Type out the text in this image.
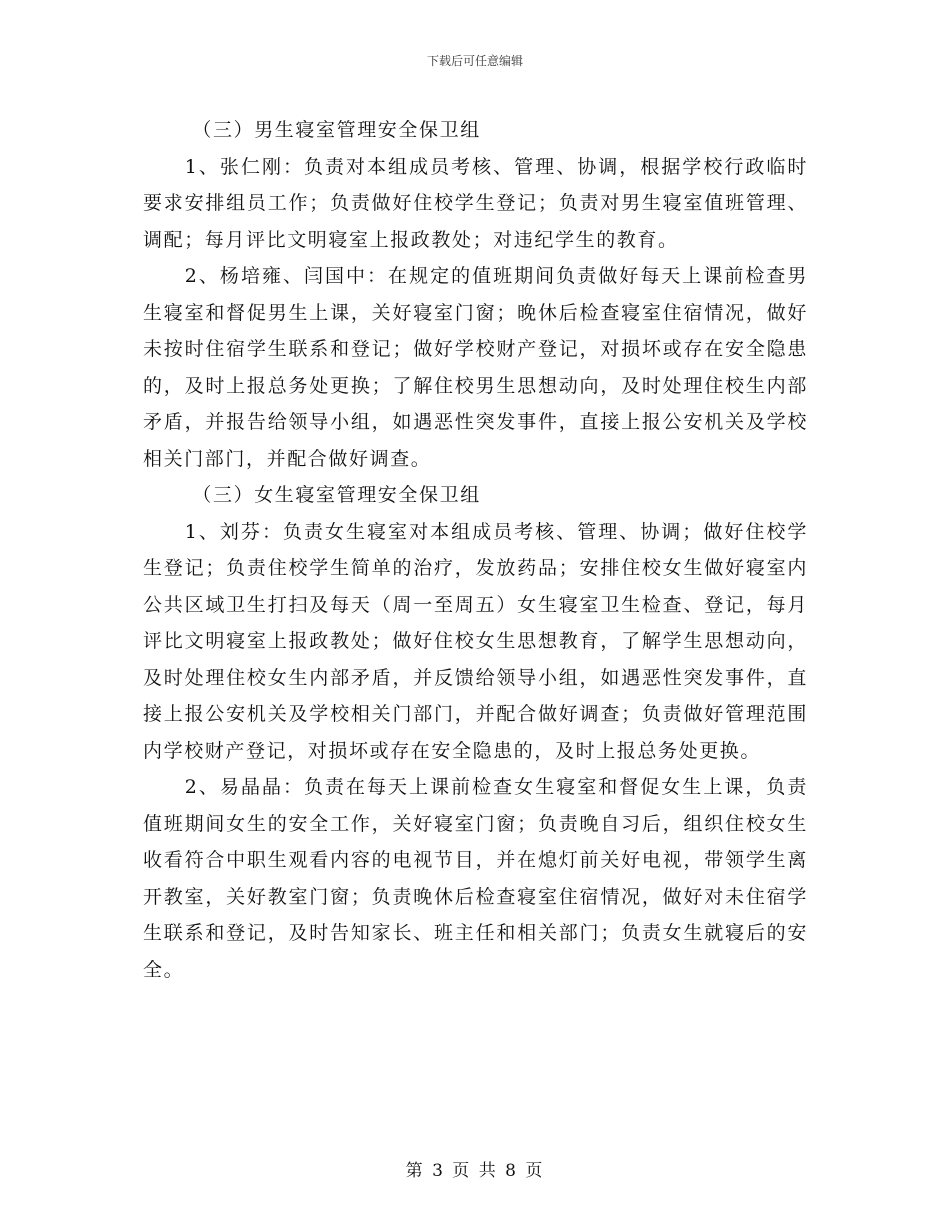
下载后可任意编辑

（三）男生寝室管理安全保卫组

1、张仁刚：负责对本组成员考核、管理、协调，根据学校行政临时要求安排组员工作；负责做好住校学生登记；负责对男生寝室值班管理、调配；每月评比文明寝室上报政教处；对违纪学生的教育。

2、杨培雍、闫国中：在规定的值班期间负责做好每天上课前检查男生寝室和督促男生上课，关好寝室门窗；晚休后检查寝室住宿情况，做好未按时住宿学生联系和登记；做好学校财产登记，对损坏或存在安全隐患的，及时上报总务处更换；了解住校男生思想动向，及时处理住校生内部矛盾，并报告给领导小组，如遇恶性突发事件，直接上报公安机关及学校相关门部门，并配合做好调查。

（三）女生寝室管理安全保卫组

1、刘芬：负责女生寝室对本组成员考核、管理、协调；做好住校学生登记；负责住校学生简单的治疗，发放药品；安排住校女生做好寝室内公共区域卫生打扫及每天（周一至周五）女生寝室卫生检查、登记，每月评比文明寝室上报政教处；做好住校女生思想教育，了解学生思想动向，及时处理住校女生内部矛盾，并反馈给领导小组，如遇恶性突发事件，直接上报公安机关及学校相关门部门，并配合做好调查；负责做好管理范围内学校财产登记，对损坏或存在安全隐患的，及时上报总务处更换。

2、易晶晶：负责在每天上课前检查女生寝室和督促女生上课，负责值班期间女生的安全工作，关好寝室门窗；负责晚自习后，组织住校女生收看符合中职生观看内容的电视节目，并在熄灯前关好电视，带领学生离开教室，关好教室门窗；负责晚休后检查寝室住宿情况，做好对未住宿学生联系和登记，及时告知家长、班主任和相关部门；负责女生就寝后的安全。

第 3 页 共 8 页
